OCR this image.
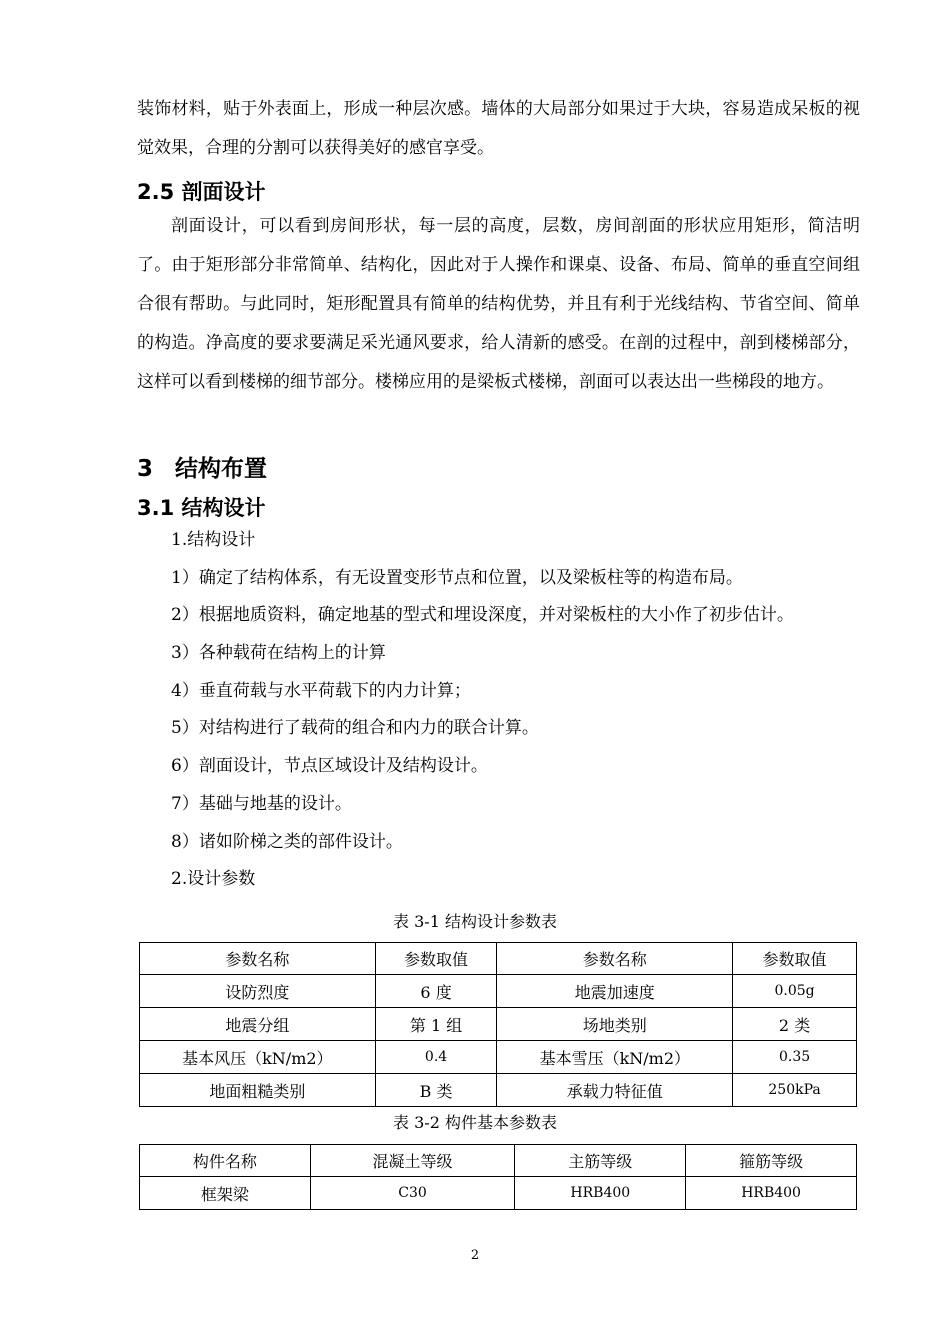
装饰材料，贴于外表面上，形成一种层次感。墙体的大局部分如果过于大块，容易造成呆板的视觉效果，合理的分割可以获得美好的感官享受。

2.5 剖面设计

剖面设计，可以看到房间形状，每一层的高度，层数，房间剖面的形状应用矩形，简洁明了。由于矩形部分非常简单、结构化，因此对于人操作和课桌、设备、布局、简单的垂直空间组合很有帮助。与此同时，矩形配置具有简单的结构优势，并且有利于光线结构、节省空间、简单的构造。净高度的要求要满足采光通风要求，给人清新的感受。在剖的过程中，剖到楼梯部分，这样可以看到楼梯的细节部分。楼梯应用的是梁板式楼梯，剖面可以表达出一些梯段的地方。

3 结构布置
3.1 结构设计
1.结构设计
1）确定了结构体系，有无设置变形节点和位置，以及梁板柱等的构造布局。
2）根据地质资料，确定地基的型式和埋设深度，并对梁板柱的大小作了初步估计。
3）各种载荷在结构上的计算
4）垂直荷载与水平荷载下的内力计算；
5）对结构进行了载荷的组合和内力的联合计算。
6）剖面设计，节点区域设计及结构设计。
7）基础与地基的设计。
8）诸如阶梯之类的部件设计。
2.设计参数

表 3-1 结构设计参数表

参数名称	参数取值	参数名称	参数取值
设防烈度	6 度	地震加速度	0.05g
地震分组	第 1 组	场地类别	2 类
基本风压（kN/m2）	0.4	基本雪压（kN/m2）	0.35
地面粗糙类别	B 类	承载力特征值	250kPa

表 3-2 构件基本参数表

构件名称	混凝土等级	主筋等级	箍筋等级
框架梁	C30	HRB400	HRB400
2
